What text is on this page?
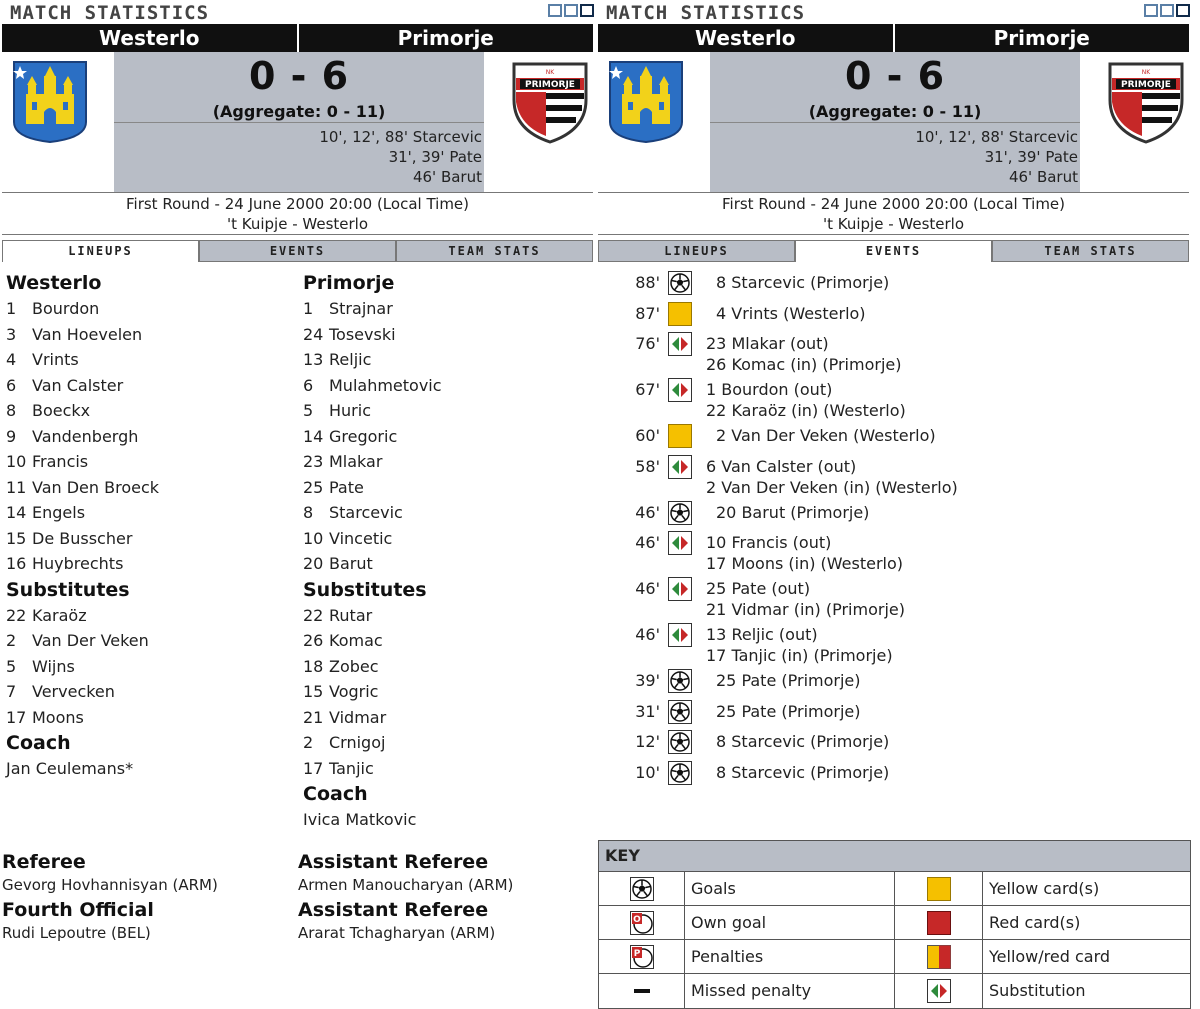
MATCH STATISTICS
Westerlo	Primorje
0 - 6
(Aggregate: 0 - 11)
10', 12', 88' Starcevic
31', 39' Pate
46' Barut
PRIMORJE
NK
First Round - 24 June 2000 20:00 (Local Time)
't Kuipje - Westerlo
LINEUPS	EVENTS	TEAM STATS
Westerlo
1 Bourdon
3 Van Hoevelen
4 Vrints
6 Van Calster
8 Boeckx
9 Vandenbergh
10 Francis
11 Van Den Broeck
14 Engels
15 De Busscher
16 Huybrechts
Substitutes
22 Karaöz
2 Van Der Veken
5 Wijns
7 Vervecken
17 Moons
Coach
Jan Ceulemans*
Primorje
1 Strajnar
24 Tosevski
13 Reljic
6 Mulahmetovic
5 Huric
14 Gregoric
23 Mlakar
25 Pate
8 Starcevic
10 Vincetic
20 Barut
Substitutes
22 Rutar
26 Komac
18 Zobec
15 Vogric
21 Vidmar
2 Crnigoj
17 Tanjic
Coach
Ivica Matkovic
Referee
Gevorg Hovhannisyan (ARM)
Fourth Official
Rudi Lepoutre (BEL)
Assistant Referee
Armen Manoucharyan (ARM)
Assistant Referee
Ararat Tchagharyan (ARM)
MATCH STATISTICS
Westerlo	Primorje
0 - 6
(Aggregate: 0 - 11)
10', 12', 88' Starcevic
31', 39' Pate
46' Barut
PRIMORJE
NK
First Round - 24 June 2000 20:00 (Local Time)
't Kuipje - Westerlo
LINEUPS	EVENTS	TEAM STATS
88'	8 Starcevic (Primorje)
87'	4 Vrints (Westerlo)
76'	23 Mlakar (out)
26 Komac (in) (Primorje)
67'	1 Bourdon (out)
22 Karaöz (in) (Westerlo)
60'	2 Van Der Veken (Westerlo)
58'	6 Van Calster (out)
2 Van Der Veken (in) (Westerlo)
46'	20 Barut (Primorje)
46'	10 Francis (out)
17 Moons (in) (Westerlo)
46'	25 Pate (out)
21 Vidmar (in) (Primorje)
46'	13 Reljic (out)
17 Tanjic (in) (Primorje)
39'	25 Pate (Primorje)
31'	25 Pate (Primorje)
12'	8 Starcevic (Primorje)
10'	8 Starcevic (Primorje)
KEY
Goals	Yellow card(s)
O	Own goal	Red card(s)
P	Penalties	Yellow/red card
Missed penalty	Substitution
